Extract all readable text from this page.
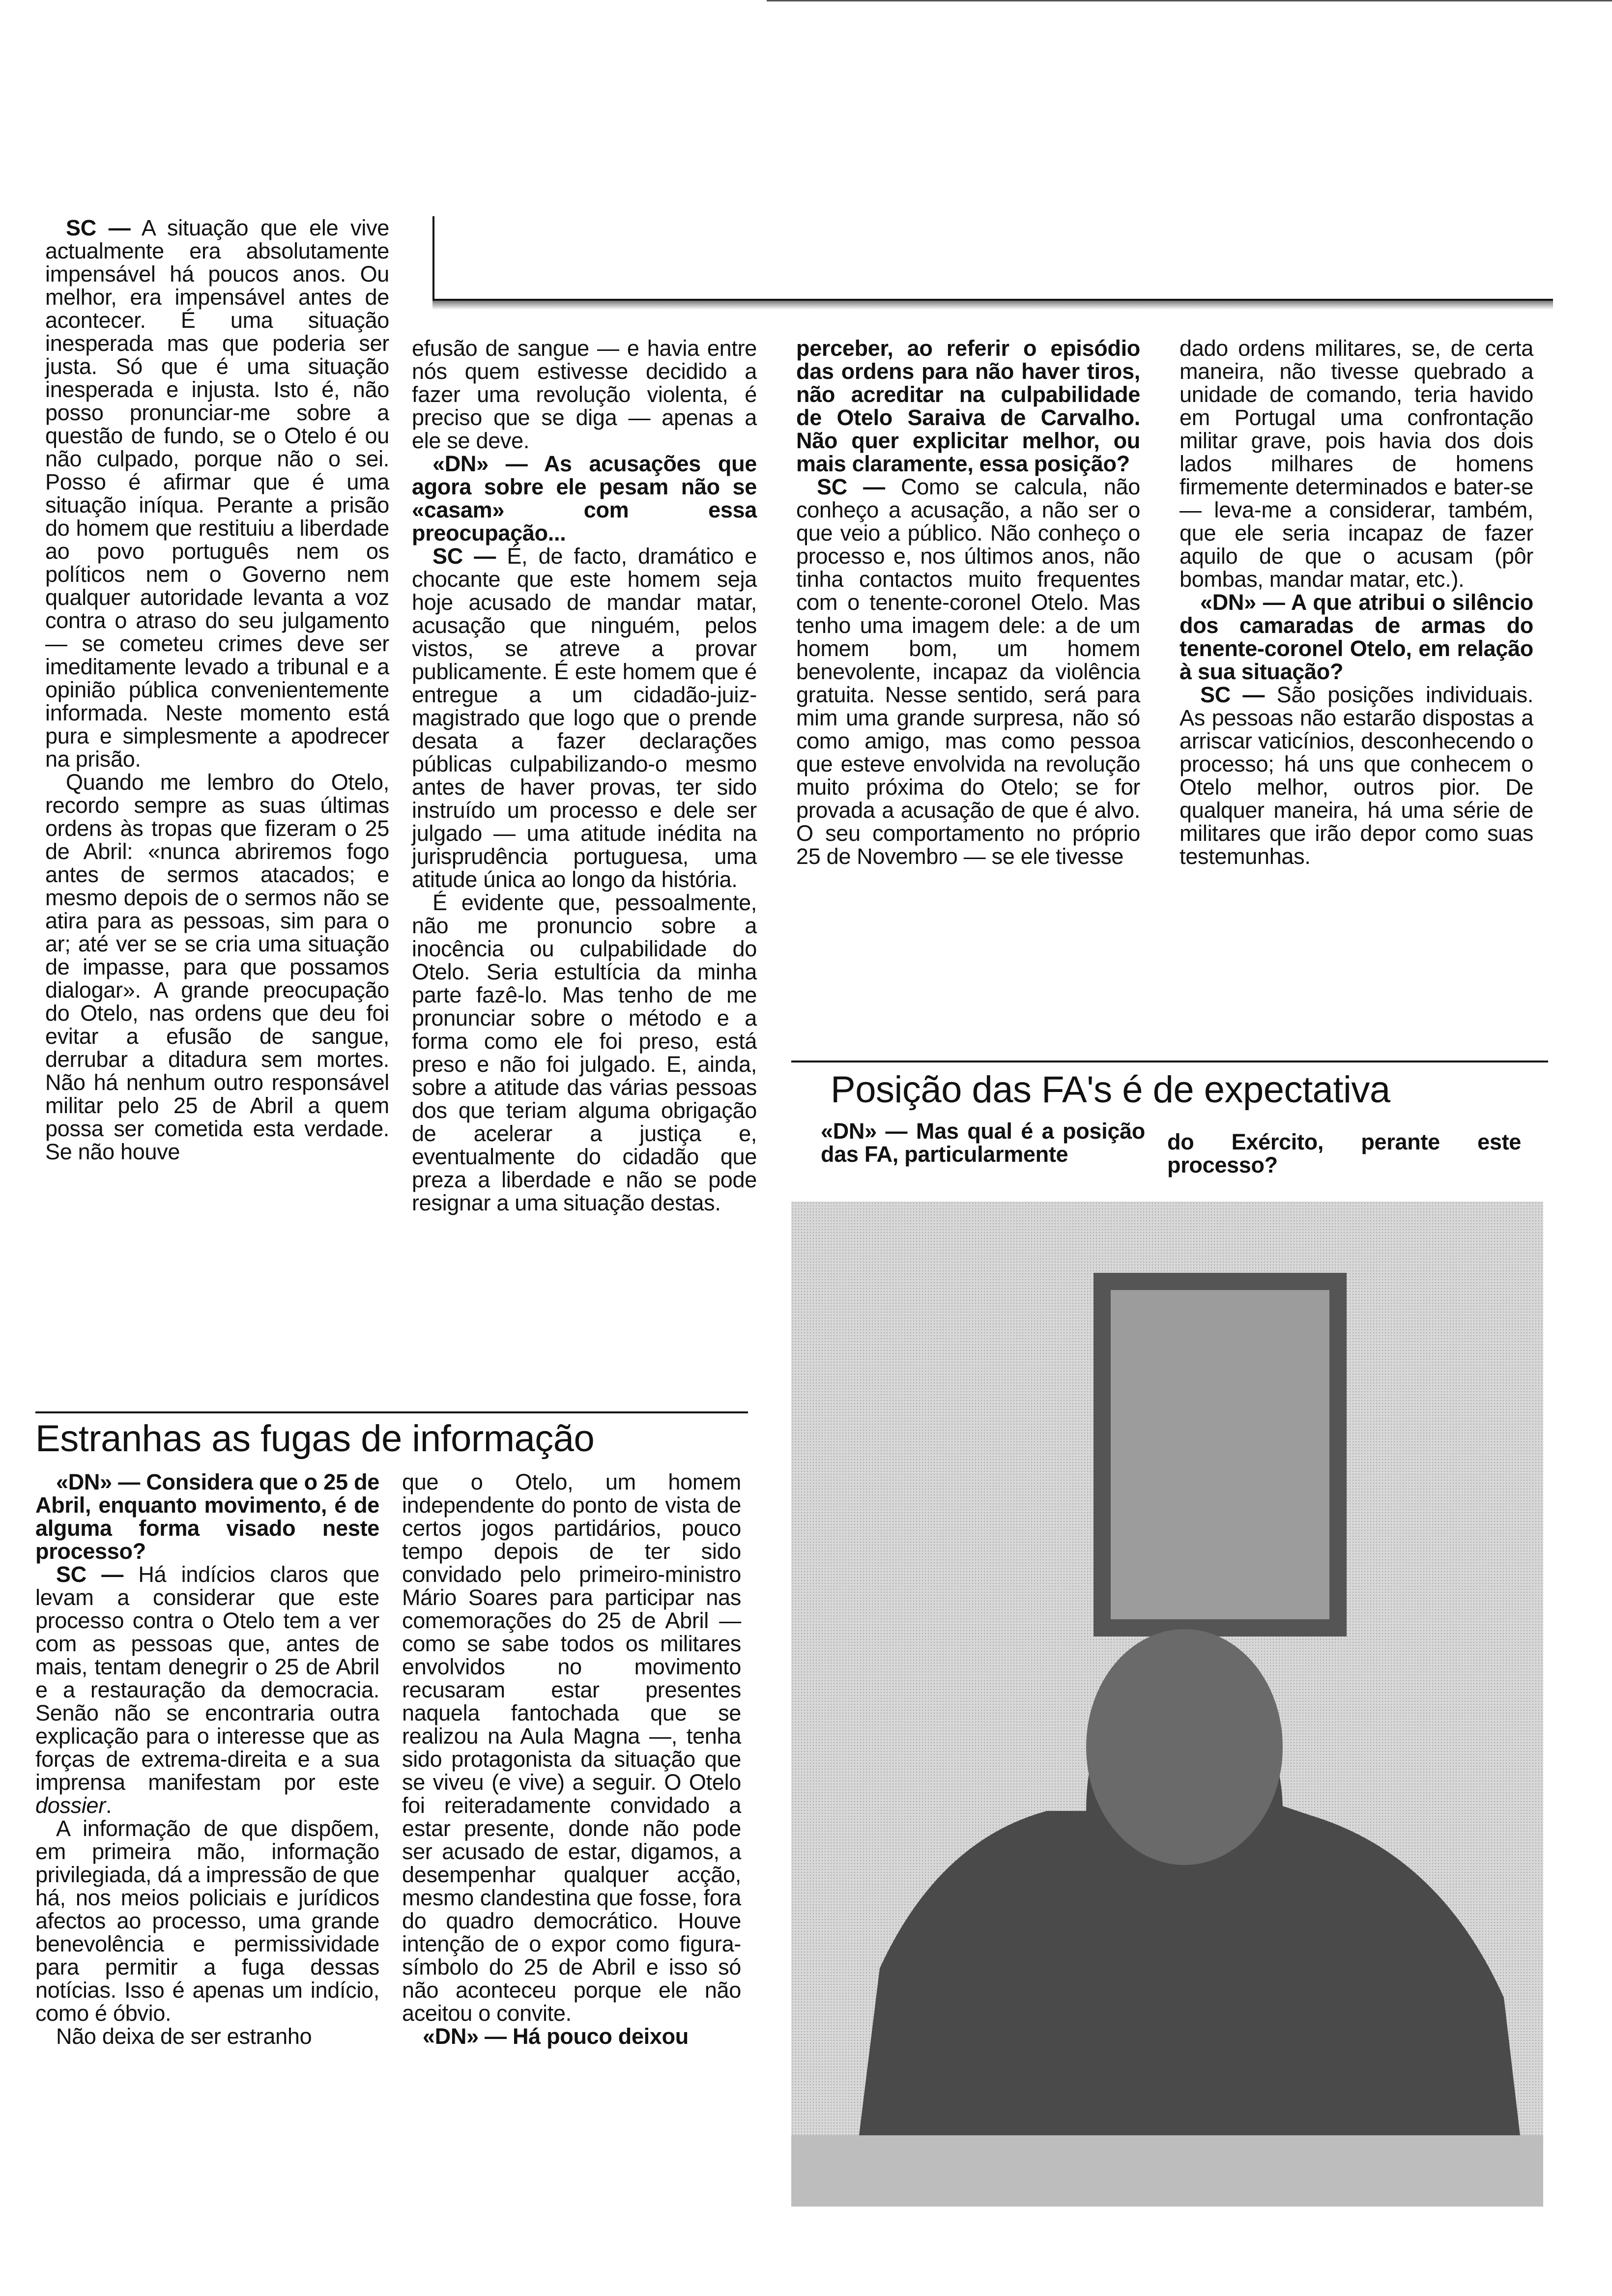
SC — A situação que ele vive actualmente era absolutamente impensável há poucos anos. Ou melhor, era impensável antes de acontecer. É uma situação inesperada mas que poderia ser justa. Só que é uma situação inesperada e injusta. Isto é, não posso pronunciar-me sobre a questão de fundo, se o Otelo é ou não culpado, porque não o sei. Posso é afirmar que é uma situação iníqua. Perante a prisão do homem que restituiu a liberdade ao povo português nem os políticos nem o Governo nem qualquer autoridade levanta a voz contra o atraso do seu julgamento — se cometeu crimes deve ser imeditamente levado a tribunal e a opinião pública convenientemente informada. Neste momento está pura e simplesmente a apodrecer na prisão.

Quando me lembro do Otelo, recordo sempre as suas últimas ordens às tropas que fizeram o 25 de Abril: «nunca abriremos fogo antes de sermos atacados; e mesmo depois de o sermos não se atira para as pessoas, sim para o ar; até ver se se cria uma situação de impasse, para que possamos dialogar». A grande preocupação do Otelo, nas ordens que deu foi evitar a efusão de sangue, derrubar a ditadura sem mortes. Não há nenhum outro responsável militar pelo 25 de Abril a quem possa ser cometida esta verdade. Se não houve

efusão de sangue — e havia entre nós quem estivesse decidido a fazer uma revolução violenta, é preciso que se diga — apenas a ele se deve.

«DN» — As acusações que agora sobre ele pesam não se «casam» com essa preocupação...

SC — É, de facto, dramático e chocante que este homem seja hoje acusado de mandar matar, acusação que ninguém, pelos vistos, se atreve a provar publicamente. É este homem que é entregue a um cidadão-juiz-magistrado que logo que o prende desata a fazer declarações públicas culpabilizando-o mesmo antes de haver provas, ter sido instruído um processo e dele ser julgado — uma atitude inédita na jurisprudência portuguesa, uma atitude única ao longo da história.

É evidente que, pessoalmente, não me pronuncio sobre a inocência ou culpabilidade do Otelo. Seria estultícia da minha parte fazê-lo. Mas tenho de me pronunciar sobre o método e a forma como ele foi preso, está preso e não foi julgado. E, ainda, sobre a atitude das várias pessoas dos que teriam alguma obrigação de acelerar a justiça e, eventualmente do cidadão que preza a liberdade e não se pode resignar a uma situação destas.

perceber, ao referir o episódio das ordens para não haver tiros, não acreditar na culpabilidade de Otelo Saraiva de Carvalho. Não quer explicitar melhor, ou mais claramente, essa posição?

SC — Como se calcula, não conheço a acusação, a não ser o que veio a público. Não conheço o processo e, nos últimos anos, não tinha contactos muito frequentes com o tenente-coronel Otelo. Mas tenho uma imagem dele: a de um homem bom, um homem benevolente, incapaz da violência gratuita. Nesse sentido, será para mim uma grande surpresa, não só como amigo, mas como pessoa que esteve envolvida na revolução muito próxima do Otelo; se for provada a acusação de que é alvo. O seu comportamento no próprio 25 de Novembro — se ele tivesse

dado ordens militares, se, de certa maneira, não tivesse quebrado a unidade de comando, teria havido em Portugal uma confrontação militar grave, pois havia dos dois lados milhares de homens firmemente determinados e bater-se — leva-me a considerar, também, que ele seria incapaz de fazer aquilo de que o acusam (pôr bombas, mandar matar, etc.).

«DN» — A que atribui o silêncio dos camaradas de armas do tenente-coronel Otelo, em relação à sua situação?

SC — São posições individuais. As pessoas não estarão dispostas a arriscar vaticínios, desconhecendo o processo; há uns que conhecem o Otelo melhor, outros pior. De qualquer maneira, há uma série de militares que irão depor como suas testemunhas.

Posição das FA's é de expectativa

«DN» — Mas qual é a posição das FA, particularmente	do Exército, perante este processo?

Estranhas as fugas de informação

«DN» — Considera que o 25 de Abril, enquanto movimento, é de alguma forma visado neste processo?

SC — Há indícios claros que levam a considerar que este processo contra o Otelo tem a ver com as pessoas que, antes de mais, tentam denegrir o 25 de Abril e a restauração da democracia. Senão não se encontraria outra explicação para o interesse que as forças de extrema-direita e a sua imprensa manifestam por este dossier.

A informação de que dispõem, em primeira mão, informação privilegiada, dá a impressão de que há, nos meios policiais e jurídicos afectos ao processo, uma grande benevolência e permissividade para permitir a fuga dessas notícias. Isso é apenas um indício, como é óbvio.

Não deixa de ser estranho

que o Otelo, um homem independente do ponto de vista de certos jogos partidários, pouco tempo depois de ter sido convidado pelo primeiro-ministro Mário Soares para participar nas comemorações do 25 de Abril — como se sabe todos os militares envolvidos no movimento recusaram estar presentes naquela fantochada que se realizou na Aula Magna —, tenha sido protagonista da situação que se viveu (e vive) a seguir. O Otelo foi reiteradamente convidado a estar presente, donde não pode ser acusado de estar, digamos, a desempenhar qualquer acção, mesmo clandestina que fosse, fora do quadro democrático. Houve intenção de o expor como figura-símbolo do 25 de Abril e isso só não aconteceu porque ele não aceitou o convite.

«DN» — Há pouco deixou
